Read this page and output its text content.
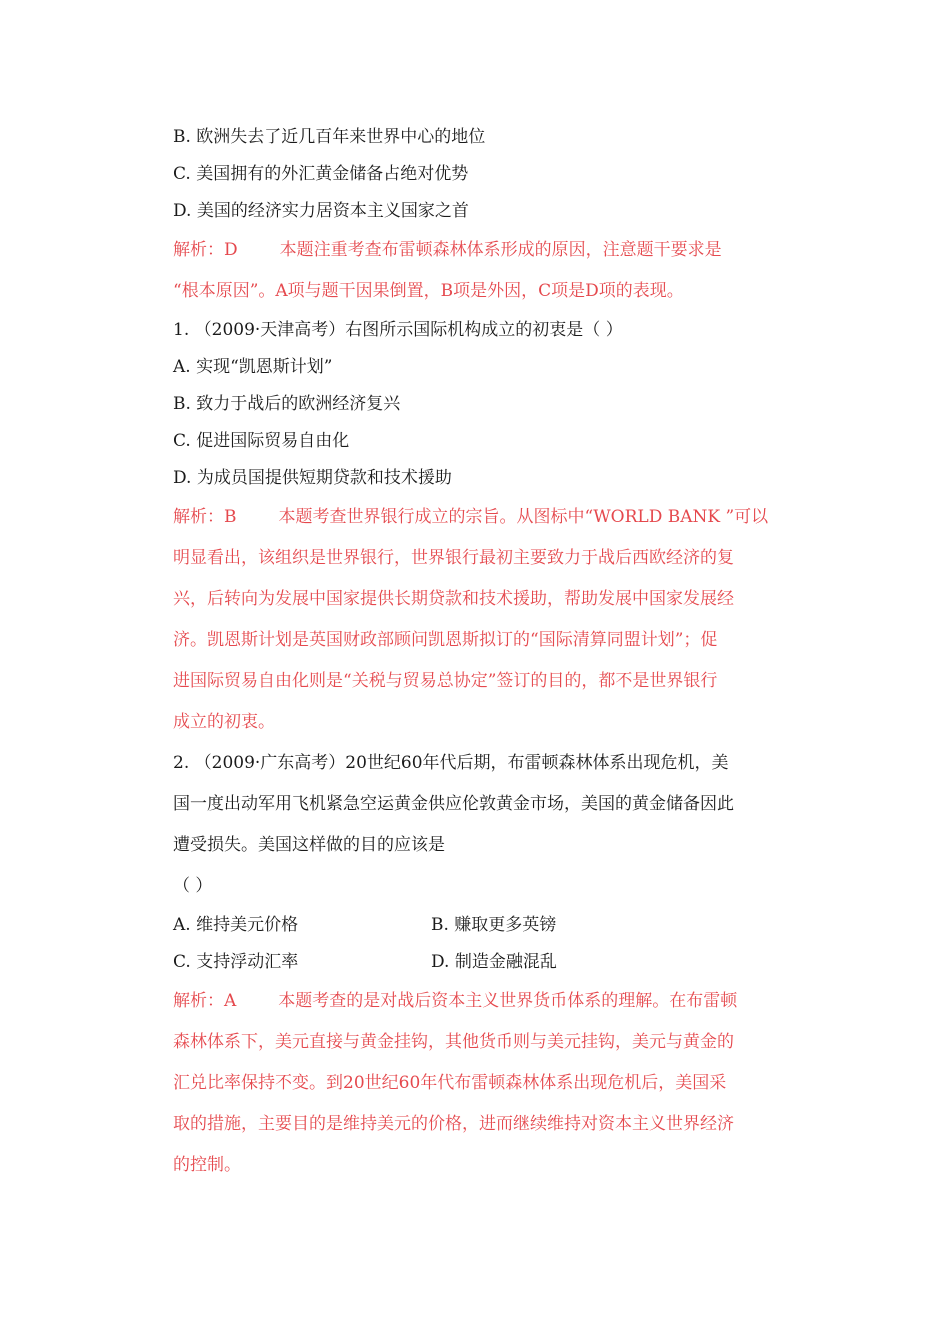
B. 欧洲失去了近几百年来世界中心的地位
C. 美国拥有的外汇黄金储备占绝对优势
D. 美国的经济实力居资本主义国家之首
解析：D	本题注重考查布雷顿森林体系形成的原因，注意题干要求是
“根本原因”。A项与题干因果倒置，B项是外因，C项是D项的表现。
1. （2009·天津高考）右图所示国际机构成立的初衷是（ ）
A. 实现“凯恩斯计划”
B. 致力于战后的欧洲经济复兴
C. 促进国际贸易自由化
D. 为成员国提供短期贷款和技术援助
解析：B	本题考查世界银行成立的宗旨。从图标中“WORLD BANK ”可以
明显看出，该组织是世界银行，世界银行最初主要致力于战后西欧经济的复
兴，后转向为发展中国家提供长期贷款和技术援助，帮助发展中国家发展经
济。凯恩斯计划是英国财政部顾问凯恩斯拟订的“国际清算同盟计划”；促
进国际贸易自由化则是“关税与贸易总协定”签订的目的，都不是世界银行
成立的初衷。
2. （2009·广东高考）20世纪60年代后期，布雷顿森林体系出现危机，美
国一度出动军用飞机紧急空运黄金供应伦敦黄金市场，美国的黄金储备因此
遭受损失。美国这样做的目的应该是
（ ）
A. 维持美元价格	B. 赚取更多英镑
C. 支持浮动汇率	D. 制造金融混乱
解析：A	本题考查的是对战后资本主义世界货币体系的理解。在布雷顿
森林体系下，美元直接与黄金挂钩，其他货币则与美元挂钩，美元与黄金的
汇兑比率保持不变。到20世纪60年代布雷顿森林体系出现危机后，美国采
取的措施，主要目的是维持美元的价格，进而继续维持对资本主义世界经济
的控制。
